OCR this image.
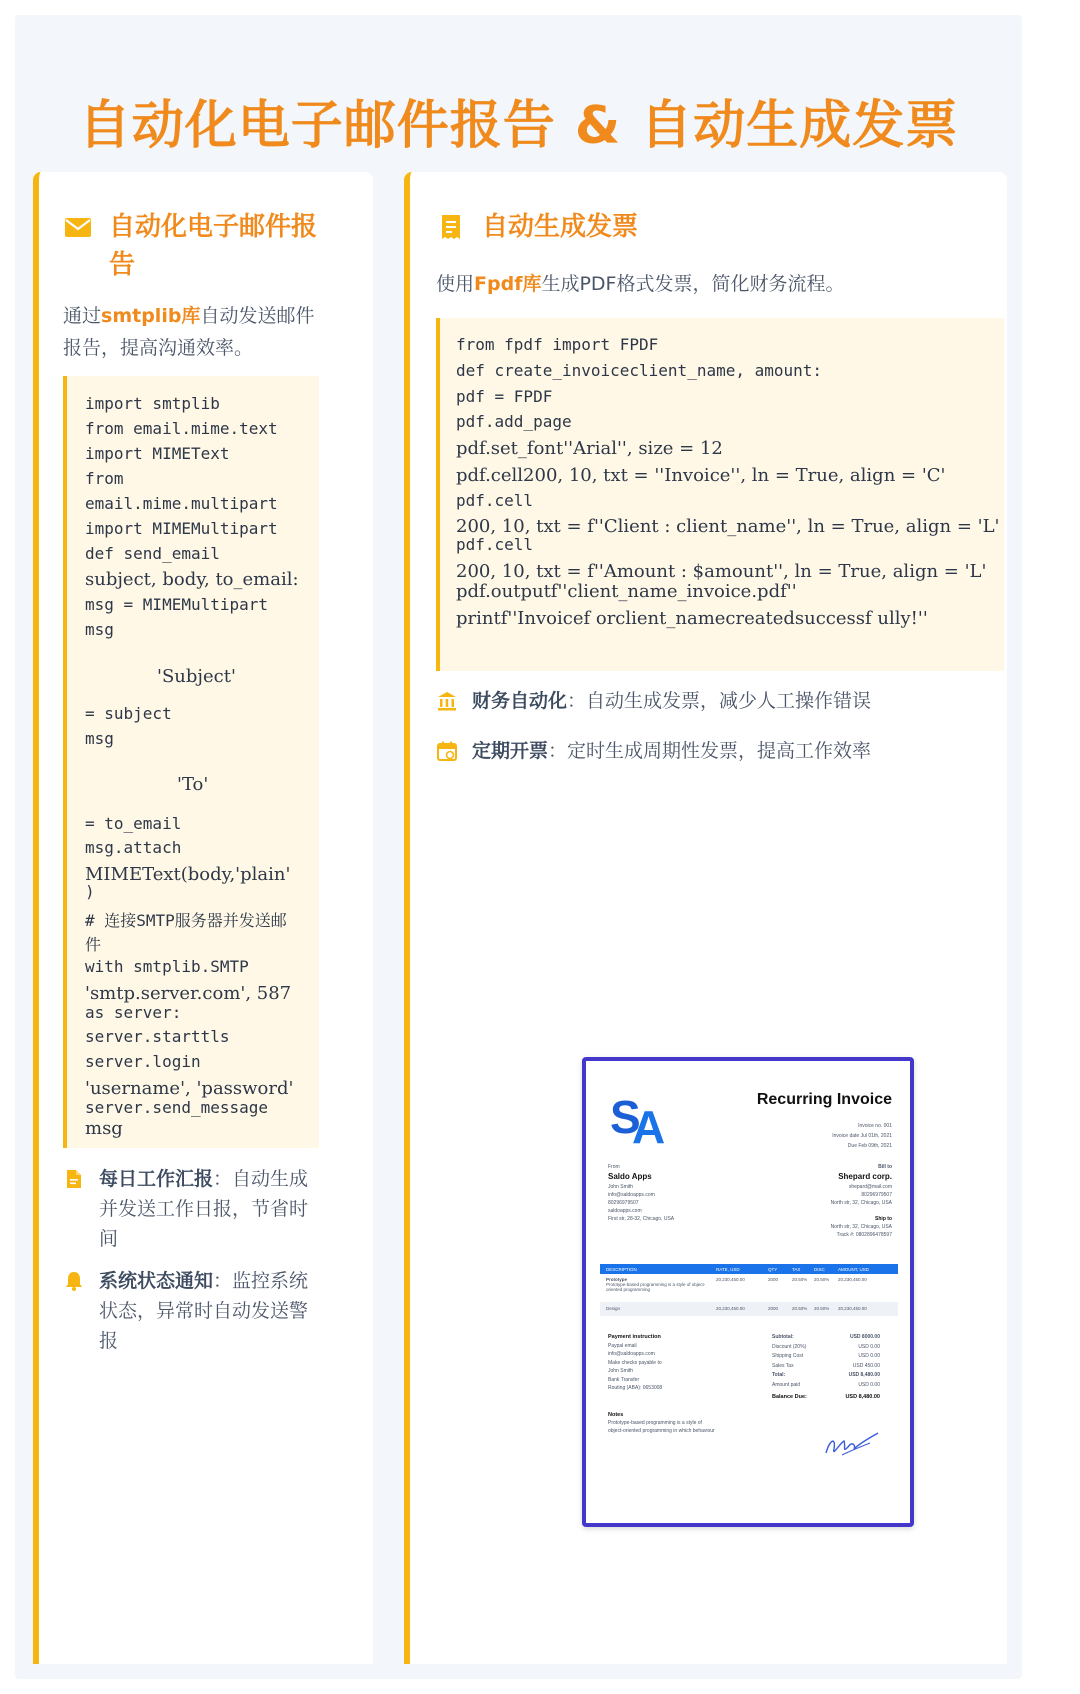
自动化电子邮件报告 & 自动生成发票
自动化电子邮件报
告
通过smtplib库自动发送邮件
报告，提高沟通效率。
import smtplib
from email.mime.text
import MIMEText
from
email.mime.multipart
import MIMEMultipart
def send_email
subject, body, to_email:
msg = MIMEMultipart
msg
'Subject'
= subject
msg
'To'
= to_email
msg.attach
MIMEText(body,'plain'
)
# 连接SMTP服务器并发送邮
件
with smtplib.SMTP
'smtp.server.com', 587
as server:
server.starttls
server.login
'username', 'password'
server.send_message
msg
每日工作汇报：自动生成
并发送工作日报，节省时
间
系统状态通知：监控系统
状态，异常时自动发送警
报
自动生成发票
使用Fpdf库生成PDF格式发票，简化财务流程。
from fpdf import FPDF
def create_invoiceclient_name, amount:
pdf = FPDF
pdf.add_page
pdf.set_font''Arial'', size = 12
pdf.cell200, 10, txt = ''Invoice'', ln = True, align = 'C'
pdf.cell
200, 10, txt = f''Client : client_name'', ln = True, align = 'L'
pdf.cell
200, 10, txt = f''Amount : $amount'', ln = True, align = 'L'
pdf.outputf''client_name_invoice.pdf''
printf''Invoicef orclient_namecreatedsuccessf ully!''
财务自动化：自动生成发票，减少人工操作错误
定期开票：定时生成周期性发票，提高工作效率
S
A
Recurring Invoice
Invoice no. 001
Invoice date Jul 01th, 2021
Due Feb 09th, 2021
From
Saldo Apps
John Smith
info@saldoapps.com
80296979507
saldoapps.com
First str, 28-32, Chicago, USA
Bill to
Shepard corp.
shepard@mail.com
80296979507
North str, 32, Chicago, USA
Ship to
North str, 32, Chicago, USA
Track #: 0802896478597
DESCRIPTION	RATE, USD	QTY	TAX	DISC	AMOUNT, USD
Prototype
Prototype-based programming is a style of object-oriented programming
20,230,450.00	2000	20.50%	20.50%	20,230,450.00
Design	20,230,450.00	2000	20.50%	20.50%	20,230,450.00
Payment instruction
Paypal email
info@saldoapps.com
Make checks payable to
John Smith
Bank Transfer
Routing (ABA): 0653008
Subtotal:	USD 8000.00
Discount (20%)	USD 0.00
Shipping Cost	USD 0.00
Sales Tax	USD 450.00
Total:	USD 8,480.00
Amount paid	USD 0.00
Balance Due:	USD 8,480.00
Notes
Prototype-based programming is a style of
object-oriented programming in which behaviour
